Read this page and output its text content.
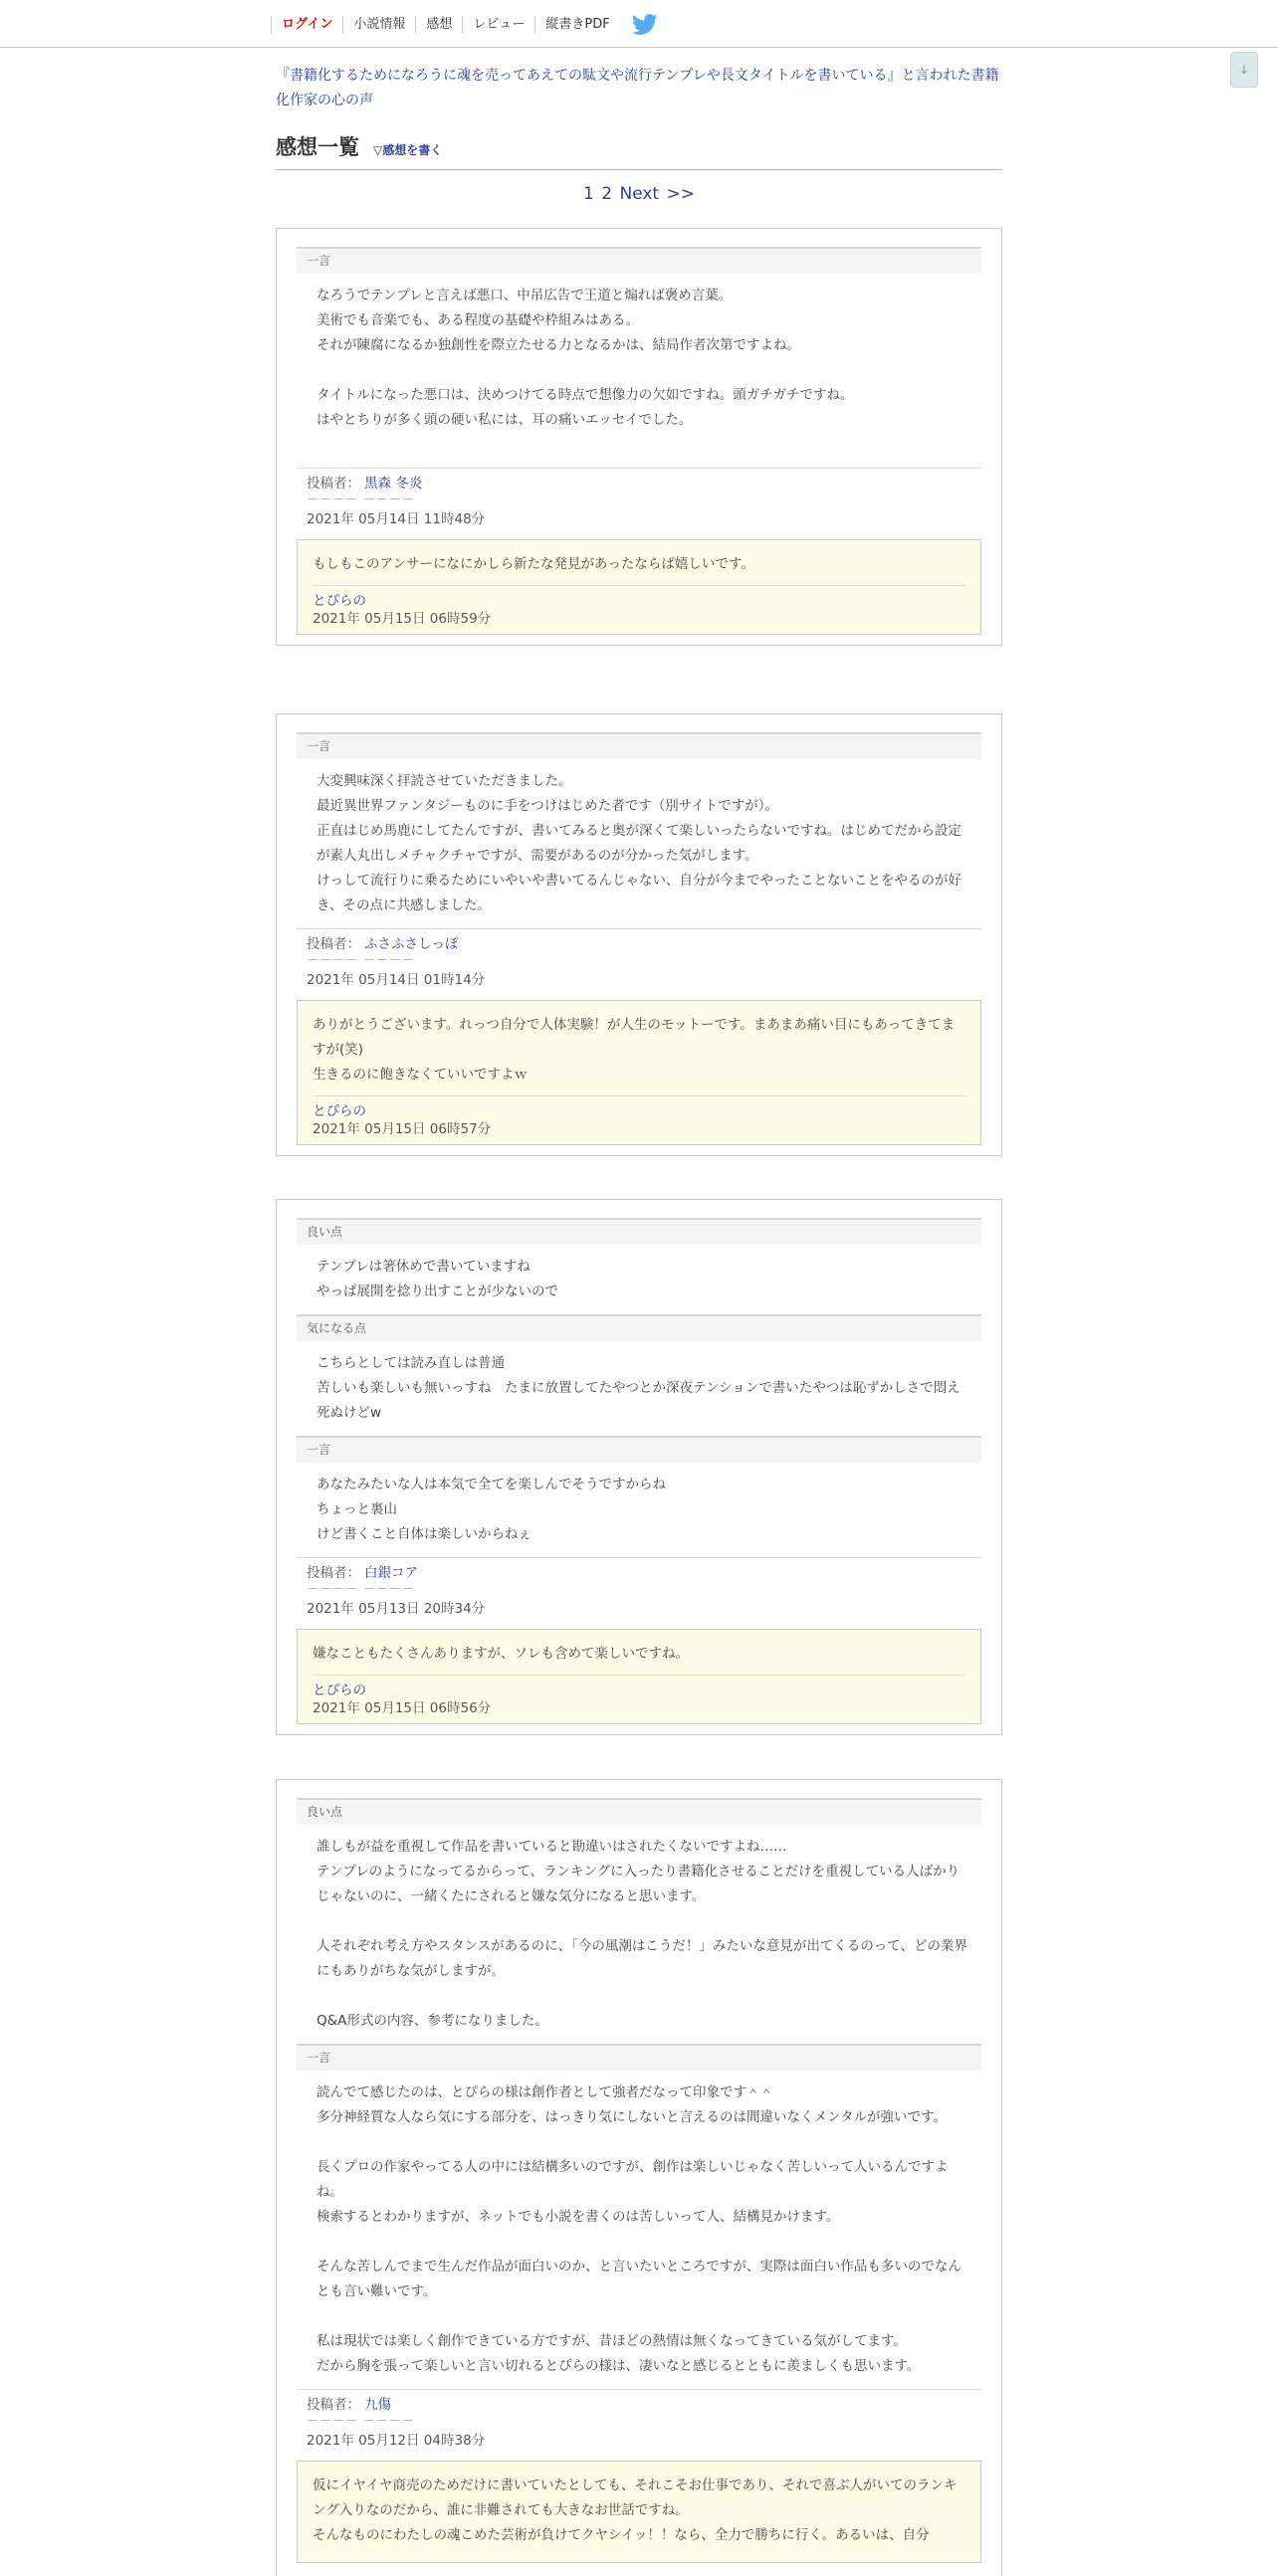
ログイン	小説情報	感想	レビュー	縦書きPDF
↓
『書籍化するためになろうに魂を売ってあえての駄文や流行テンプレや長文タイトルを書いている』と言われた書籍化作家の心の声
感想一覧 ▽感想を書く
1 2 Next >>
一言
なろうでテンプレと言えば悪口、中吊広告で王道と煽れば褒め言葉。
美術でも音楽でも、ある程度の基礎や枠組みはある。
それが陳腐になるか独創性を際立たせる力となるかは、結局作者次第ですよね。

タイトルになった悪口は、決めつけてる時点で想像力の欠如ですね。頭ガチガチですね。
はやとちりが多く頭の硬い私には、耳の痛いエッセイでした。

投稿者： 黒森 冬炎
－－－－ －－－－
2021年 05月14日 11時48分
もしもこのアンサーになにかしら新たな発見があったならば嬉しいです。
とぴらの
2021年 05月15日 06時59分
一言
大変興味深く拝読させていただきました。
最近異世界ファンタジーものに手をつけはじめた者です（別サイトですが）。
正直はじめ馬鹿にしてたんですが、書いてみると奥が深くて楽しいったらないですね。はじめてだから設定が素人丸出しメチャクチャですが、需要があるのが分かった気がします。
けっして流行りに乗るためにいやいや書いてるんじゃない、自分が今までやったことないことをやるのが好き、その点に共感しました。
投稿者： ふさふさしっぽ
－－－－ －－－－
2021年 05月14日 01時14分
ありがとうございます。れっつ自分で人体実験！が人生のモットーです。まあまあ痛い目にもあってきてますが(笑)
生きるのに飽きなくていいですよｗ
とぴらの
2021年 05月15日 06時57分
良い点
テンプレは箸休めで書いていますね
やっぱ展開を捻り出すことが少ないので
気になる点
こちらとしては読み直しは普通
苦しいも楽しいも無いっすね　たまに放置してたやつとか深夜テンションで書いたやつは恥ずかしさで悶え死ぬけどw
一言
あなたみたいな人は本気で全てを楽しんでそうですからね
ちょっと裏山
けど書くこと自体は楽しいからねぇ
投稿者： 白銀コア
－－－－ －－－－
2021年 05月13日 20時34分
嫌なこともたくさんありますが、ソレも含めて楽しいですね。
とぴらの
2021年 05月15日 06時56分
良い点
誰しもが益を重視して作品を書いていると勘違いはされたくないですよね……
テンプレのようになってるからって、ランキングに入ったり書籍化させることだけを重視している人ばかりじゃないのに、一緒くたにされると嫌な気分になると思います。

人それぞれ考え方やスタンスがあるのに、「今の風潮はこうだ！」みたいな意見が出てくるのって、どの業界にもありがちな気がしますが。

Q&A形式の内容、参考になりました。
一言
読んでて感じたのは、とぴらの様は創作者として強者だなって印象です＾＾
多分神経質な人なら気にする部分を、はっきり気にしないと言えるのは間違いなくメンタルが強いです。

長くプロの作家やってる人の中には結構多いのですが、創作は楽しいじゃなく苦しいって人いるんですよね。
検索するとわかりますが、ネットでも小説を書くのは苦しいって人、結構見かけます。

そんな苦しんでまで生んだ作品が面白いのか、と言いたいところですが、実際は面白い作品も多いのでなんとも言い難いです。

私は現状では楽しく創作できている方ですが、昔ほどの熱情は無くなってきている気がしてます。
だから胸を張って楽しいと言い切れるとぴらの様は、凄いなと感じるとともに羨ましくも思います。
投稿者： 九傷
－－－－ －－－－
2021年 05月12日 04時38分
仮にイヤイヤ商売のためだけに書いていたとしても、それこそお仕事であり、それで喜ぶ人がいてのランキング入りなのだから、誰に非難されても大きなお世話ですね。
そんなものにわたしの魂こめた芸術が負けてクヤシイッ！！なら、全力で勝ちに行く。あるいは、自分
